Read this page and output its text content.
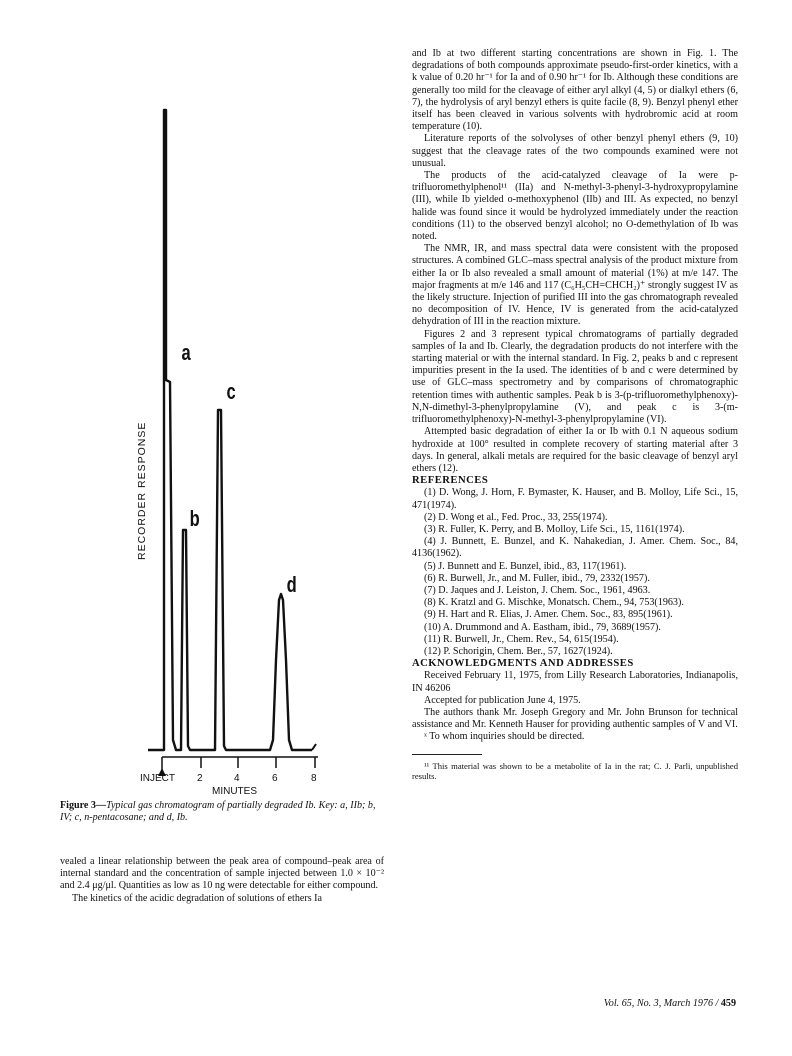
RECORDER RESPONSE
a
b
c
d
INJECT 2	4	6	8
MINUTES
Figure 3—Typical gas chromatogram of partially degraded Ib. Key: a, IIb; b, IV; c, n-pentacosane; and d, Ib.

vealed a linear relationship between the peak area of compound–peak area of internal standard and the concentration of sample injected between 1.0 × 10⁻² and 2.4 μg/μl. Quantities as low as 10 ng were detectable for either compound.

The kinetics of the acidic degradation of solutions of ethers Ia

and Ib at two different starting concentrations are shown in Fig. 1. The degradations of both compounds approximate pseudo-first-order kinetics, with a k value of 0.20 hr⁻¹ for Ia and of 0.90 hr⁻¹ for Ib. Although these conditions are generally too mild for the cleavage of either aryl alkyl (4, 5) or dialkyl ethers (6, 7), the hydrolysis of aryl benzyl ethers is quite facile (8, 9). Benzyl phenyl ether itself has been cleaved in various solvents with hydrobromic acid at room temperature (10).

Literature reports of the solvolyses of other benzyl phenyl ethers (9, 10) suggest that the cleavage rates of the two compounds examined were not unusual.

The products of the acid-catalyzed cleavage of Ia were p-trifluoromethylphenol¹¹ (IIa) and N-methyl-3-phenyl-3-hydroxypropylamine (III), while Ib yielded o-methoxyphenol (IIb) and III. As expected, no benzyl halide was found since it would be hydrolyzed immediately under the reaction conditions (11) to the observed benzyl alcohol; no O-demethylation of Ib was noted.

The NMR, IR, and mass spectral data were consistent with the proposed structures. A combined GLC–mass spectral analysis of the product mixture from either Ia or Ib also revealed a small amount of material (1%) at m/e 147. The major fragments at m/e 146 and 117 (C₆H₅CH=CHCH₂)⁺ strongly suggest IV as the likely structure. Injection of purified III into the gas chromatograph revealed no decomposition of IV. Hence, IV is generated from the acid-catalyzed dehydration of III in the reaction mixture.

Figures 2 and 3 represent typical chromatograms of partially degraded samples of Ia and Ib. Clearly, the degradation products do not interfere with the starting material or with the internal standard. In Fig. 2, peaks b and c represent impurities present in the Ia used. The identities of b and c were determined by use of GLC–mass spectrometry and by comparisons of chromatographic retention times with authentic samples. Peak b is 3-(p-trifluoromethylphenoxy)-N,N-dimethyl-3-phenylpropylamine (V), and peak c is 3-(m-trifluoromethylphenoxy)-N-methyl-3-phenylpropylamine (VI).

Attempted basic degradation of either Ia or Ib with 0.1 N aqueous sodium hydroxide at 100° resulted in complete recovery of starting material after 3 days. In general, alkali metals are required for the basic cleavage of benzyl aryl ethers (12).

REFERENCES

(1) D. Wong, J. Horn, F. Bymaster, K. Hauser, and B. Molloy, Life Sci., 15, 471(1974).

(2) D. Wong et al., Fed. Proc., 33, 255(1974).

(3) R. Fuller, K. Perry, and B. Molloy, Life Sci., 15, 1161(1974).

(4) J. Bunnett, E. Bunzel, and K. Nahakedian, J. Amer. Chem. Soc., 84, 4136(1962).

(5) J. Bunnett and E. Bunzel, ibid., 83, 117(1961).

(6) R. Burwell, Jr., and M. Fuller, ibid., 79, 2332(1957).

(7) D. Jaques and J. Leiston, J. Chem. Soc., 1961, 4963.

(8) K. Kratzl and G. Mischke, Monatsch. Chem., 94, 753(1963).

(9) H. Hart and R. Elias, J. Amer. Chem. Soc., 83, 895(1961).

(10) A. Drummond and A. Eastham, ibid., 79, 3689(1957).

(11) R. Burwell, Jr., Chem. Rev., 54, 615(1954).

(12) P. Schorigin, Chem. Ber., 57, 1627(1924).

ACKNOWLEDGMENTS AND ADDRESSES

Received February 11, 1975, from Lilly Research Laboratories, Indianapolis, IN 46206

Accepted for publication June 4, 1975.

The authors thank Mr. Joseph Gregory and Mr. John Brunson for technical assistance and Mr. Kenneth Hauser for providing authentic samples of V and VI.

ˣ To whom inquiries should be directed.

¹¹ This material was shown to be a metabolite of Ia in the rat; C. J. Parli, unpublished results.

Vol. 65, No. 3, March 1976 / 459
